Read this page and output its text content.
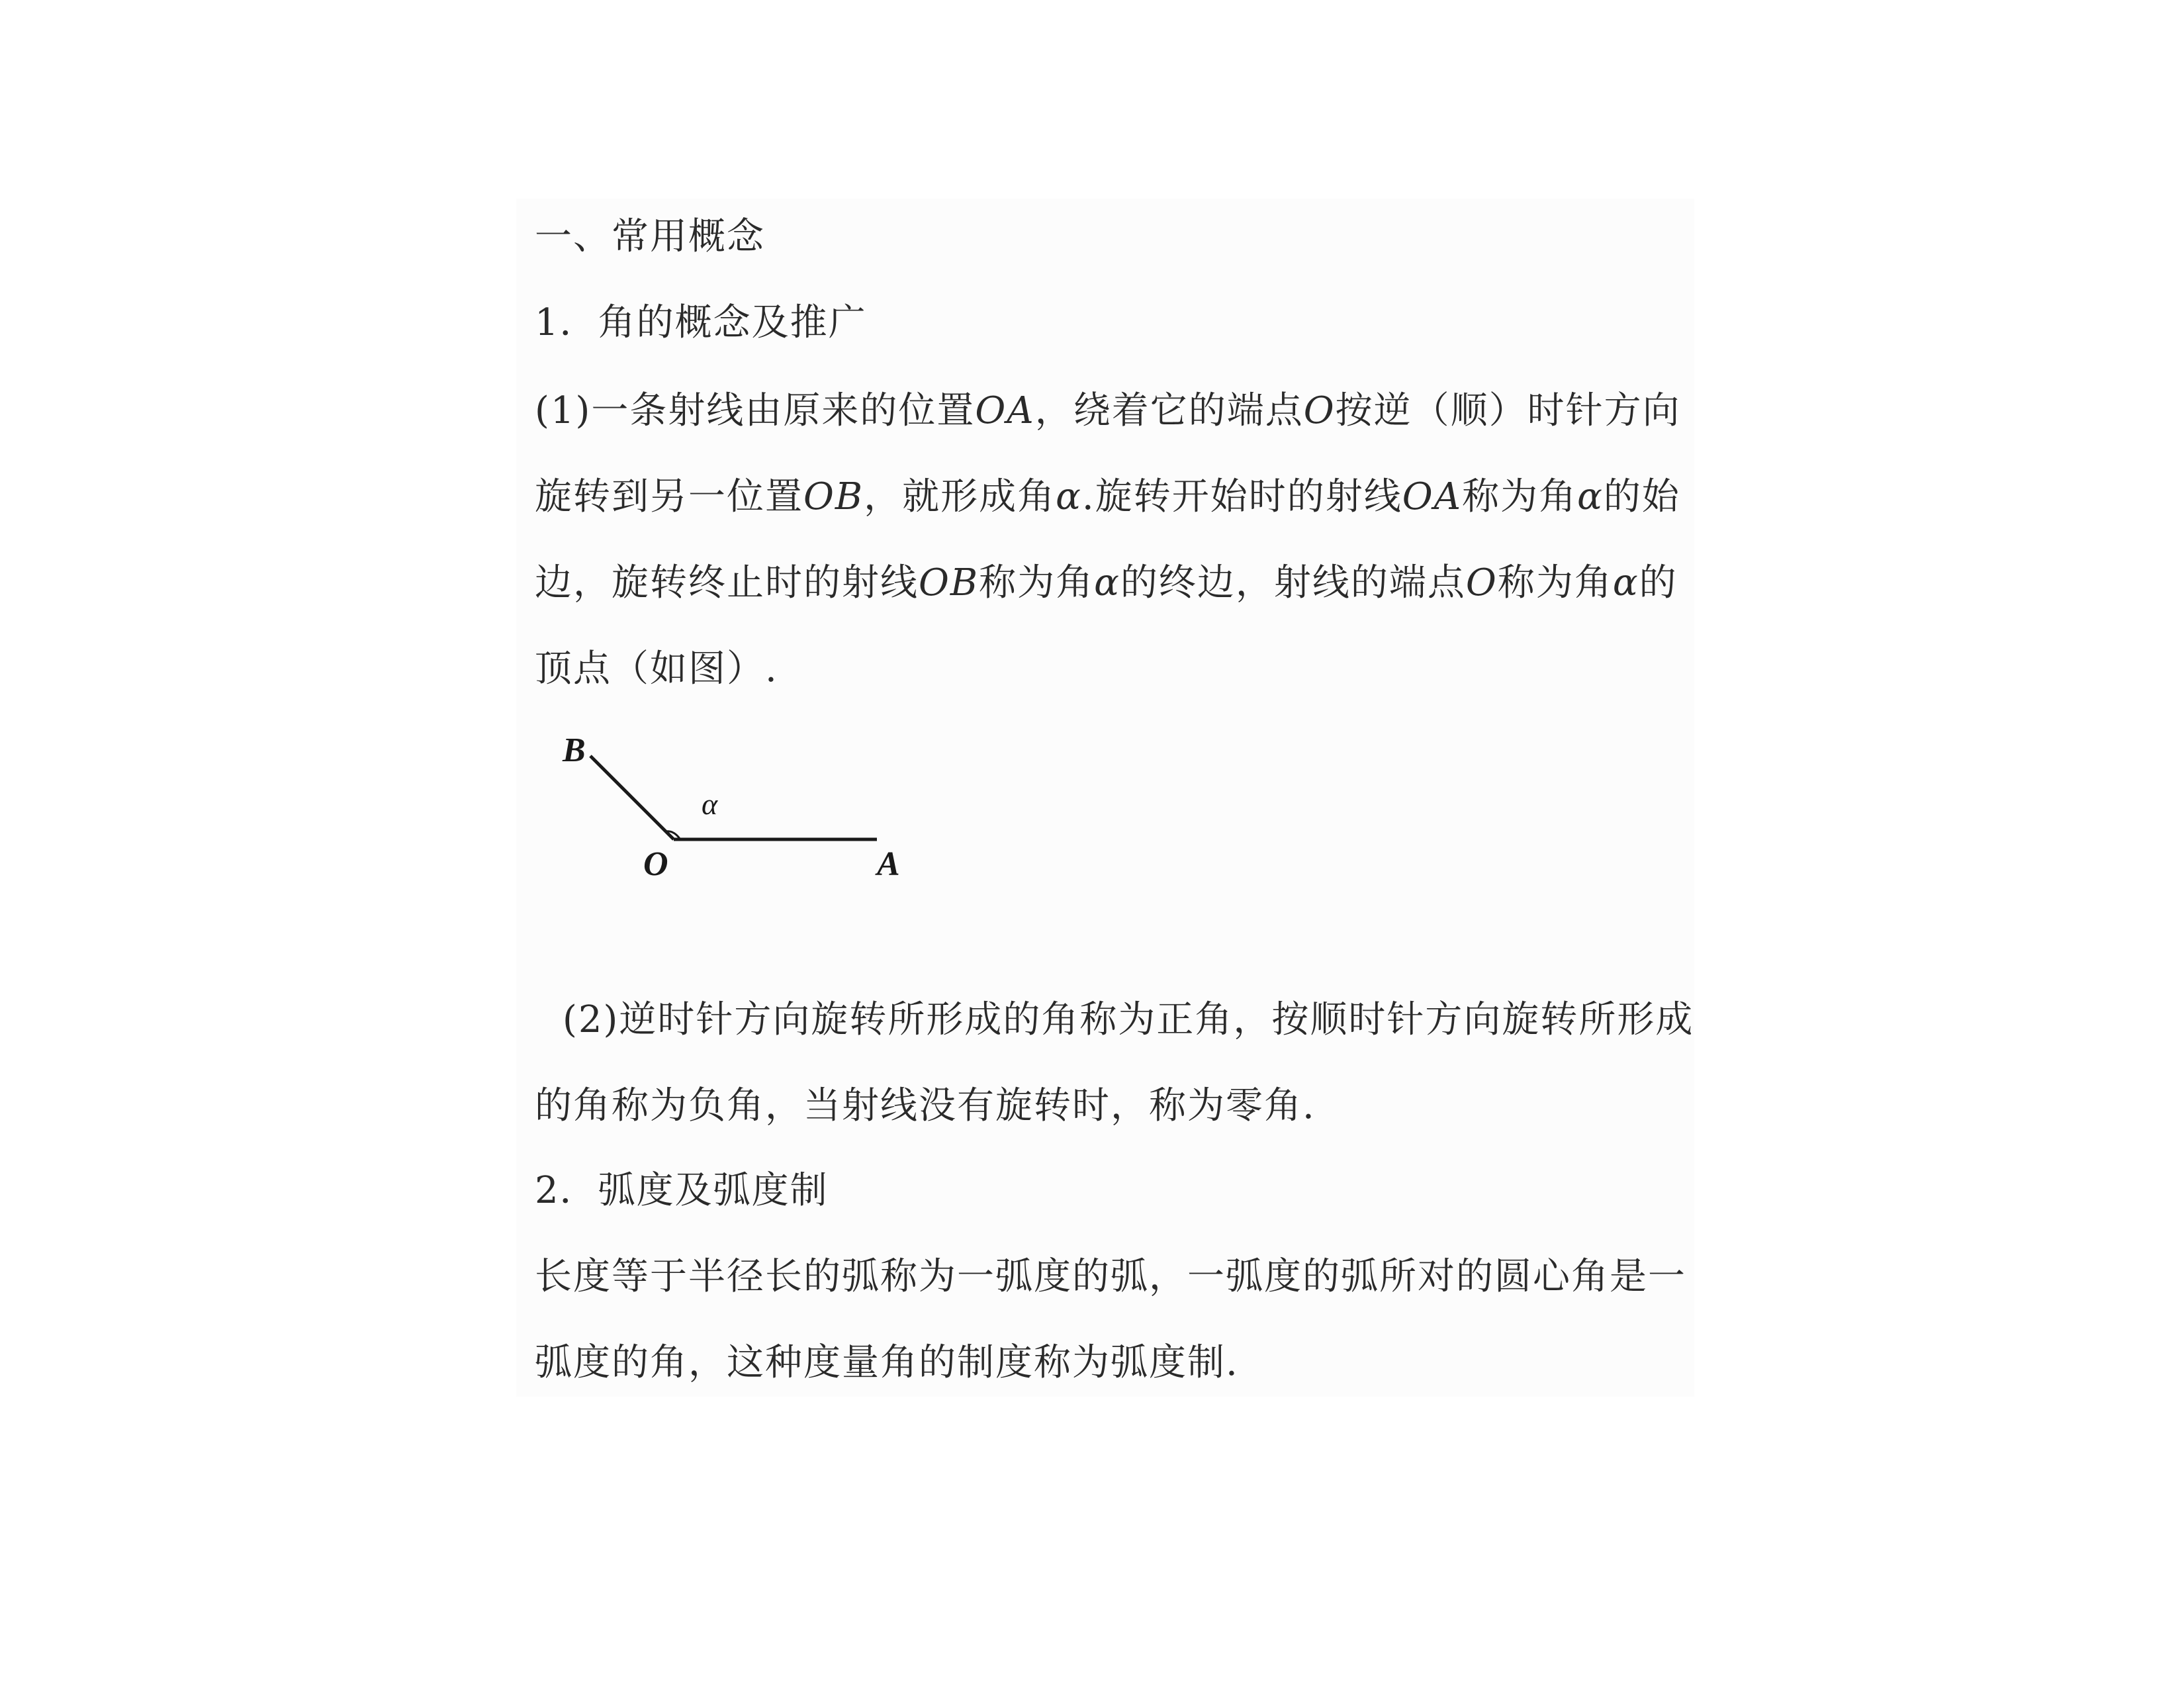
一、常用概念
1．角的概念及推广
(1)一条射线由原来的位置OA，绕着它的端点O按逆（顺）时针方向
旋转到另一位置OB，就形成角α.旋转开始时的射线OA称为角α的始
边，旋转终止时的射线OB称为角α的终边，射线的端点O称为角α的
顶点（如图）.
B
α
O	A
(2)逆时针方向旋转所形成的角称为正角，按顺时针方向旋转所形成
的角称为负角，当射线没有旋转时，称为零角.
2．弧度及弧度制
长度等于半径长的弧称为一弧度的弧，一弧度的弧所对的圆心角是一
弧度的角，这种度量角的制度称为弧度制.
